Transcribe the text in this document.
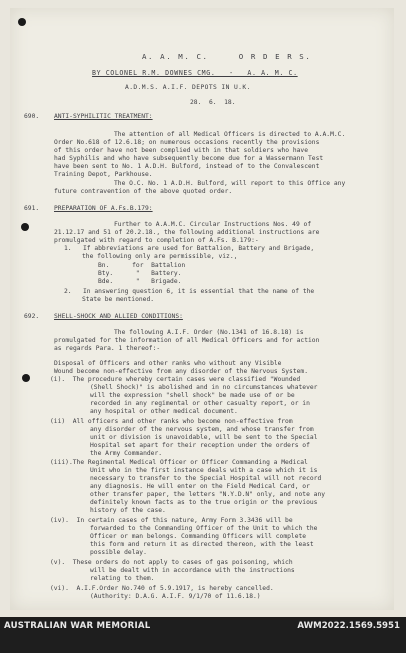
A. A. M. C.     O R D E R S.
BY COLONEL R.M. DOWNES CMG.   -   A. A. M. C.
A.D.M.S. A.I.F. DEPOTS IN U.K.
28.  6.  18.
690. ANTI-SYPHILITIC TREATMENT:
The attention of all Medical Officers is directed to A.A.M.C.
Order No.618 of 12.6.18; on numerous occasions recently the provisions
of this order have not been complied with in that soldiers who have
had Syphilis and who have subsequently become due for a Wassermann Test
have been sent to No. 1 A.D.H. Bulford, instead of to the Convalescent
Training Depot, Parkhouse.
The O.C. No. 1 A.D.H. Bulford, will report to this Office any
future contravention of the above quoted order.
691. PREPARATION OF A.Fs.B.179:
Further to A.A.M.C. Circular Instructions Nos. 49 of
21.12.17 and 51 of 20.2.18., the following additional instructions are
promulgated with regard to completion of A.Fs. B.179:-
1.   If abbreviations are used for Battalion, Battery and Brigade,
the following only are permissible, viz.,
Bn.      for  Battalion
Bty.      "   Battery.
Bde.      "   Brigade.
2.   In answering question 6, it is essential that the name of the
State be mentioned.
692. SHELL-SHOCK AND ALLIED CONDITIONS:
The following A.I.F. Order (No.1341 of 16.8.18) is
promulgated for the information of all Medical Officers and for action
as regards Para. 1 thereof:-
Disposal of Officers and other ranks who without any Visible
Wound become non-effective from any disorder of the Nervous System.
(i).  The procedure whereby certain cases were classified "Wounded
(Shell Shock)" is abolished and in no circumstances whatever
will the expression "shell shock" be made use of or be
recorded in any regimental or other casualty report, or in
any hospital or other medical document.
(ii)  All officers and other ranks who become non-effective from
any disorder of the nervous system, and whose transfer from
unit or division is unavoidable, will be sent to the Special
Hospital set apart for their reception under the orders of
the Army Commander.
(iii).The Regimental Medical Officer or Officer Commanding a Medical
Unit who in the first instance deals with a case which it is
necessary to transfer to the Special Hospital will not record
any diagnosis. He will enter on the Field Medical Card, or
other transfer paper, the letters "N.Y.D.N" only, and note any
definitely known facts as to the true origin or the previous
history of the case.
(iv).  In certain cases of this nature, Army Form 3.3436 will be
forwarded to the Commanding Officer of the Unit to which the
Officer or man belongs. Commanding Officers will complete
this form and return it as directed thereon, with the least
possible delay.
(v).  These orders do not apply to cases of gas poisoning, which
will be dealt with in accordance with the instructions
relating to them.
(vi).  A.I.F.Order No.740 of 5.9.1917, is hereby cancelled.
(Authority: D.A.G. A.I.F. 9/1/70 of 11.6.18.)
AUSTRALIAN WAR MEMORIAL	AWM2022.1569.5951
